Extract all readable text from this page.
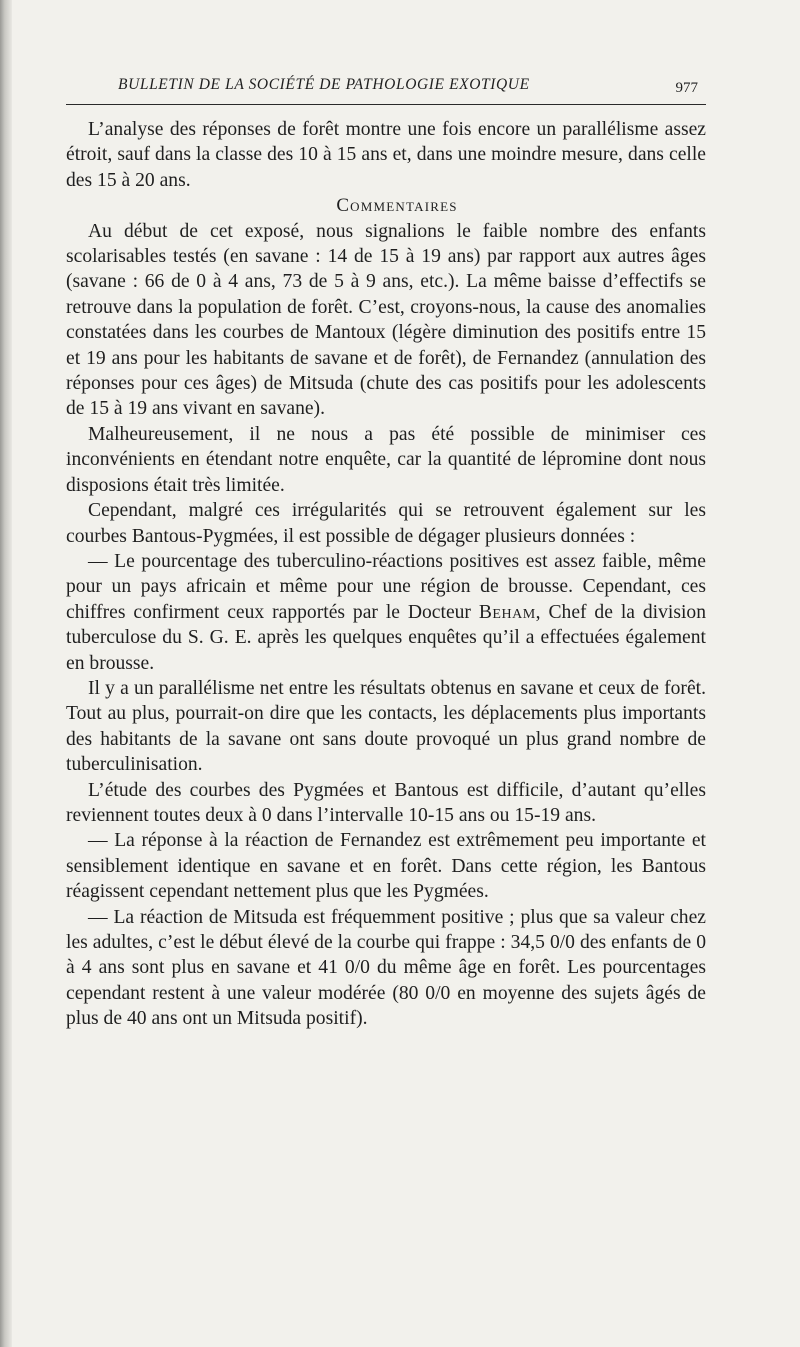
BULLETIN DE LA SOCIÉTÉ DE PATHOLOGIE EXOTIQUE	977

L’analyse des réponses de forêt montre une fois encore un parallélisme assez étroit, sauf dans la classe des 10 à 15 ans et, dans une moindre mesure, dans celle des 15 à 20 ans.

Commentaires

Au début de cet exposé, nous signalions le faible nombre des enfants scolarisables testés (en savane : 14 de 15 à 19 ans) par rapport aux autres âges (savane : 66 de 0 à 4 ans, 73 de 5 à 9 ans, etc.). La même baisse d’effectifs se retrouve dans la population de forêt. C’est, croyons-nous, la cause des anomalies constatées dans les courbes de Mantoux (légère diminution des positifs entre 15 et 19 ans pour les habitants de savane et de forêt), de Fernandez (annulation des réponses pour ces âges) de Mitsuda (chute des cas positifs pour les adolescents de 15 à 19 ans vivant en savane).

Malheureusement, il ne nous a pas été possible de minimiser ces inconvénients en étendant notre enquête, car la quantité de lépromine dont nous disposions était très limitée.

Cependant, malgré ces irrégularités qui se retrouvent également sur les courbes Bantous-Pygmées, il est possible de dégager plusieurs données :

— Le pourcentage des tuberculino-réactions positives est assez faible, même pour un pays africain et même pour une région de brousse. Cependant, ces chiffres confirment ceux rapportés par le Docteur Beham, Chef de la division tuberculose du S. G. E. après les quelques enquêtes qu’il a effectuées également en brousse.

Il y a un parallélisme net entre les résultats obtenus en savane et ceux de forêt. Tout au plus, pourrait-on dire que les contacts, les déplacements plus importants des habitants de la savane ont sans doute provoqué un plus grand nombre de tuberculinisation.

L’étude des courbes des Pygmées et Bantous est difficile, d’autant qu’elles reviennent toutes deux à 0 dans l’intervalle 10-15 ans ou 15-19 ans.

— La réponse à la réaction de Fernandez est extrêmement peu importante et sensiblement identique en savane et en forêt. Dans cette région, les Bantous réagissent cependant nettement plus que les Pygmées.

— La réaction de Mitsuda est fréquemment positive ; plus que sa valeur chez les adultes, c’est le début élevé de la courbe qui frappe : 34,5 0/0 des enfants de 0 à 4 ans sont plus en savane et 41 0/0 du même âge en forêt. Les pourcentages cependant restent à une valeur modérée (80 0/0 en moyenne des sujets âgés de plus de 40 ans ont un Mitsuda positif).
